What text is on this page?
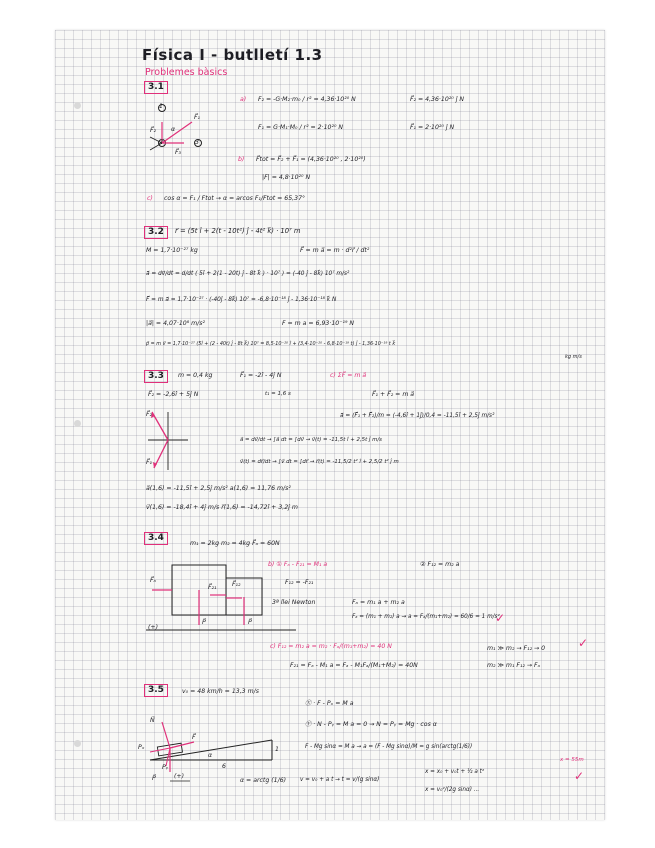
Física I - butlletí 1.3
Problemes bàsics
3.1
1
2	3
α
F⃗₁
F⃗₂
F⃗₃
a) F₂ = -G·M₂·m₀ / r² = 4,36·10²⁰ N	F⃗₂ = 4,36·10²⁰ ĵ N
F₁ = G·M₁·M₀ / r² = 2·10²⁰ N	F⃗₁ = 2·10²⁰ ĵ N
b) F⃗tot = F⃗₂ + F⃗₁ = (4,36·10²⁰ , 2·10²⁰)
|F| = 4,8·10²⁰ N
c) cos α = F₁ / Ftot → α = arcos F₁/Ftot = 65,37°
3.2	r⃗ = (5t î + 2(t - 10t²) ĵ - 4t² k⃗) · 10⁷ m
M = 1,7·10⁻²⁷ kg	F⃗ = m a⃗ = m · d²r⃗ / dt²
a⃗ = dv⃗/dt = d/dt ( 5î + 2(1 - 20t) ĵ - 8t k⃗ ) · 10⁷ ) = (-40 ĵ - 8k⃗) 10⁷ m/s²
F⃗ = m a⃗ = 1,7·10⁻²⁷ · (-40ĵ - 8k⃗) 10⁷ = -6,8·10⁻¹⁸ ĵ - 1,36·10⁻¹⁸ k⃗ N
|a⃗| = 4,07·10⁸ m/s²	F = m a = 6,93·10⁻¹⁹ N
p⃗ = m v⃗ = 1,7·10⁻²⁷ (5î + (2 - 40t) ĵ - 8t k⃗) 10⁷ = 8,5·10⁻²⁰ î + (3,4·10⁻²⁰ - 6,8·10⁻¹⁹ t) ĵ - 1,36·10⁻¹⁹ t k⃗
kg m/s
3.3	m = 0,4 kg	F⃗₁ = -2î - 4ĵ N	c) ΣF⃗ = m a⃗
F⃗₂ = -2,6î + 5ĵ N	t₁ = 1,6 s	F⃗₁ + F⃗₂ = m a⃗
a⃗ = (F⃗₁ + F⃗₂)/m = (-4,6î + 1ĵ)/0,4 = -11,5î + 2,5ĵ m/s²
a⃗ = dv⃗/dt → ∫a⃗ dt = ∫dv⃗ → v⃗(t) = -11,5t î + 2,5t ĵ m/s
v⃗(t) = dr⃗/dt → ∫v⃗ dt = ∫dr⃗ → r⃗(t) = -11,5/2 t² î + 2,5/2 t² ĵ m
a⃗(1,6) = -11,5î + 2,5ĵ m/s² a(1,6) = 11,76 m/s²
v⃗(1,6) = -18,4î + 4ĵ m/s r⃗(1,6) = -14,72î + 3,2ĵ m
F⃗₂
F⃗₁
3.4
m₁ = 2kg m₂ = 4kg F⃗ₐ = 60N
F⃗ₐ
F⃗₂₁ F⃗₁₂
P⃗	P⃗
(+)
b) ① Fₐ - F₂₁ = M₁ a	② F₁₂ = m₂ a
F₁₂ = -F₂₁
3ª llei Newton	Fₐ = m₁ a + m₂ a
Fₐ = (m₁ + m₂) a → a = Fₐ/(m₁+m₂) = 60/6 = 1 m/s²
c) F₁₂ = m₂ a = m₂ · Fₐ/(m₁+m₂) = 40 N
F₂₁ = Fₐ - M₁ a = Fₐ - M₁Fₐ/(M₁+M₂) = 40N
m₁ ≫ m₂ → F₁₂ → 0
m₂ ≫ m₁ F₁₂ → Fₐ
✓
✓
3.5	v₀ = 48 km/h = 13,3 m/s
Ⓧ · F - Pₓ = M a
Ⓨ · N - Pᵧ = M a = 0 → N = Pᵧ = Mg · cos α
F - Mg sinα = M a → a = (F - Mg sinα)/M = g sin(arctg(1/6))
N⃗
F⃗
Pₓ
Pᵧ
P⃗
α
1
6
(+)
α = arctg (1/6) v = v₀ + a t → t = v/(g sinα)
x = x₀ + v₀t + ½ a t²
x = v₀²/(2g sinα) ...
x = 55m
✓
